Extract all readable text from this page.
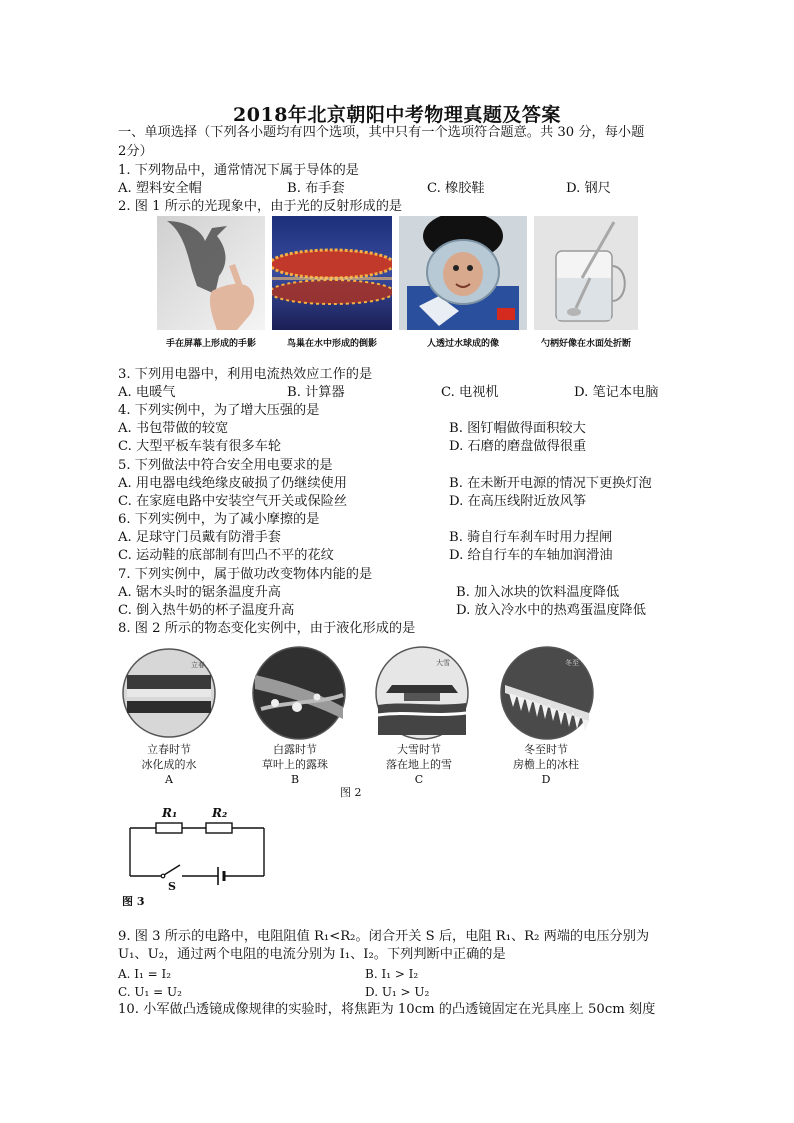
2018年北京朝阳中考物理真题及答案
一、单项选择（下列各小题均有四个选项，其中只有一个选项符合题意。共 30 分，每小题
2分）
1. 下列物品中，通常情况下属于导体的是
A. 塑料安全帽	B. 布手套	C. 橡胶鞋	D. 钢尺
2. 图 1 所示的光现象中，由于光的反射形成的是
手在屏幕上形成的手影	鸟巢在水中形成的倒影	人透过水球成的像	勺柄好像在水面处折断
3. 下列用电器中，利用电流热效应工作的是
A. 电暖气	B. 计算器	C. 电视机	D. 笔记本电脑
4. 下列实例中，为了增大压强的是
A. 书包带做的较宽	B. 图钉帽做得面积较大
C. 大型平板车装有很多车轮	D. 石磨的磨盘做得很重
5. 下列做法中符合安全用电要求的是
A. 用电器电线绝缘皮破损了仍继续使用	B. 在未断开电源的情况下更换灯泡
C. 在家庭电路中安装空气开关或保险丝	D. 在高压线附近放风筝
6. 下列实例中，为了减小摩擦的是
A. 足球守门员戴有防滑手套	B. 骑自行车刹车时用力捏闸
C. 运动鞋的底部制有凹凸不平的花纹	D. 给自行车的车轴加润滑油
7. 下列实例中，属于做功改变物体内能的是
A. 锯木头时的锯条温度升高	B. 加入冰块的饮料温度降低
C. 倒入热牛奶的杯子温度升高	D. 放入冷水中的热鸡蛋温度降低
8. 图 2 所示的物态变化实例中，由于液化形成的是
立春	大雪	冬至
立春时节
冰化成的水
A
白露时节
草叶上的露珠
B
大雪时节
落在地上的雪
C
冬至时节
房檐上的冰柱
D
图 2
R₁	R₂
S
图 3
9. 图 3 所示的电路中，电阻阻值 R₁<R₂。闭合开关 S 后，电阻 R₁、R₂ 两端的电压分别为
U₁、U₂，通过两个电阻的电流分别为 I₁、I₂。下列判断中正确的是
A. I₁ = I₂	B. I₁ > I₂
C. U₁ = U₂	D. U₁ > U₂
10. 小军做凸透镜成像规律的实验时，将焦距为 10cm 的凸透镜固定在光具座上 50cm 刻度
